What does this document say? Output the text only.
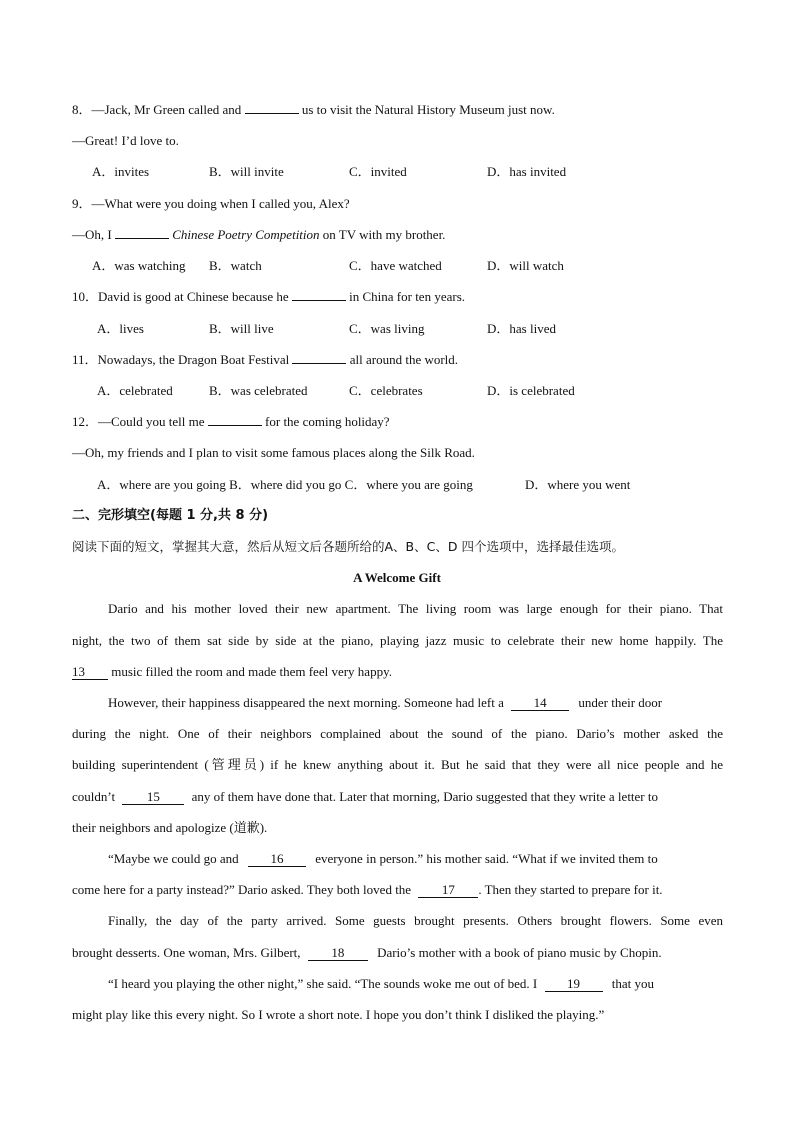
8．—Jack, Mr Green called and	us to visit the Natural History Museum just now.
—Great! I’d love to.
A．invites	B．will invite	C．invited	D．has invited
9．—What were you doing when I called you, Alex?
—Oh, I	Chinese Poetry Competition on TV with my brother.
A．was watching B．watch	C．have watched	D．will watch
10．David is good at Chinese because he	in China for ten years.
A．lives	B．will live	C．was living	D．has lived
11．Nowadays, the Dragon Boat Festival	all around the world.
A．celebrated	B．was celebrated	C．celebrates	D．is celebrated
12．—Could you tell me	for the coming holiday?
—Oh, my friends and I plan to visit some famous places along the Silk Road.
A．where are you going B．where did you go C．where you are going	D．where you went
二、完形填空(每题 1 分,共 8 分)
阅读下面的短文，掌握其大意，然后从短文后各题所给的A、B、C、D 四个选项中，选择最佳选项。
A Welcome Gift
Dario and his mother loved their new apartment. The living room was large enough for their piano. That
night, the two of them sat side by side at the piano, playing jazz music to celebrate their new home happily. The
13 music filled the room and made them feel very happy.
However, their happiness disappeared the next morning. Someone had left a 14 under their door
during the night. One of their neighbors complained about the sound of the piano. Dario’s mother asked the
building superintendent (管理员) if he knew anything about it. But he said that they were all nice people and he
couldn’t 15 any of them have done that. Later that morning, Dario suggested that they write a letter to
their neighbors and apologize (道歉).
“Maybe we could go and 16 everyone in person.” his mother said. “What if we invited them to
come here for a party instead?” Dario asked. They both loved the 17 . Then they started to prepare for it.
Finally, the day of the party arrived. Some guests brought presents. Others brought flowers. Some even
brought desserts. One woman, Mrs. Gilbert, 18	Dario’s mother with a book of piano music by Chopin.
“I heard you playing the other night,” she said. “The sounds woke me out of bed. I 19 that you
might play like this every night. So I wrote a short note. I hope you don’t think I disliked the playing.”
